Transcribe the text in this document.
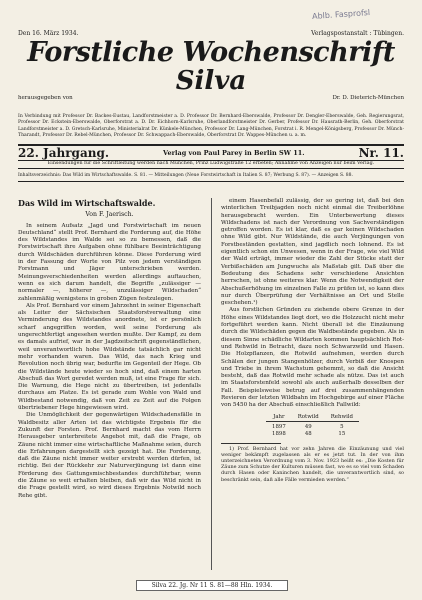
Ablb. Fasprofsl
Den 16. März 1934.	Verlagspostanstalt : Tübingen.
Forstliche Wochenschrift
Silva
herausgegeben von	Dr. D. Dieterich-München
In Verbindung mit Professor Dr. Backes-Eustau, Landforstmeister a. D. Professor Dr. Bernhard-Eberswalde, Professor Dr. Dengler-Eberswalde, Geh. Regierungsrat, Professor Dr. Eckstein-Eberswalde, Oberforstrat a. D. Dr. Eichhorn-Karlsruhe, Oberlandforstmeister Dr. Gerber, Professor Dr. Hausrath-Berlin, Geh. Oberforstrat Landforstmeister a. D. Gretsch-Karlsruhe, Ministerialrat Dr. Künkele-München, Professor Dr. Lang-München, Forstrat i. R. Mengel-Königsberg, Professor Dr. Münch-Tharandt, Professor Dr. Rebel-München, Professor Dr. Schwappach-Eberswalde, Oberforstrat Dr. Wappes-München u. a. m.
22. Jahrgang.	Verlag von Paul Parey in Berlin SW 11.	Nr. 11.
Einsendungen für die Schriftleitung werden nach München, Prinz Ludwigstraße 12 erbeten; Annahme von Anzeigen nur beim Verlag.
Inhaltsverzeichnis: Das Wild im Wirtschaftswalde. S. 81. — Mitteilungen (Neue Forstwirtschaft in Italien S. 87; Werbung S. 87). — Anzeigen S. 88.
Das Wild im Wirtschaftswalde.
Von F. Jaerisch.

In seinem Aufsatz „Jagd und Forstwirtschaft im neuen Deutschland“ stellt Prof. Bernhard die Forderung auf, die Höhe des Wildstandes im Walde sei so zu bemessen, daß die Forstwirtschaft ihre Aufgaben ohne fühlbare Beeinträchtigung durch Wildschäden durchführen könne. Diese Forderung wird in der Fassung der Worte von Pilz von jedem verständigen Forstmann und Jäger unterschrieben werden. Meinungsverschiedenheiten werden allerdings auftauchen, wenn es sich darum handelt, die Begriffe „zulässiger — normaler —, höherer —, unzulässiger Wildschaden“ zahlenmäßig wenigstens in groben Zügen festzulegen.

Als Prof. Bernhard vor einem Jahrzehnt in seiner Eigenschaft als Leiter der Sächsischen Staatsforstverwaltung eine Verminderung des Wildstandes anordnete, ist er persönlich scharf angegriffen worden, weil seine Forderung als ungerechtfertigt angesehen werden mußte. Der Kampf, zu dem es damals aufrief, war in der Jagdzeitschrift gegenständlichen, weil unverantwortlich hohe Wildstände tatsächlich gar nicht mehr vorhanden waren. Das Wild, das nach Krieg und Revolution noch übrig war, bedurfte im Gegenteil der Hege. Ob die Wildstände heute wieder so hoch sind, daß einem harten Abschuß das Wort geredet werden muß, ist eine Frage für sich. Die Warnung, die Hege nicht zu übertreiben, ist jedenfalls durchaus am Platze. Es ist gerade zum Wohle von Wald und Wildbestand notwendig, daß von Zeit zu Zeit auf die Folgen übertriebener Hege hingewiesen wird.

Die Unmöglichkeit der gegenwärtigen Wildschadensfälle in Waldbesitz aller Arten ist das wichtigste Ergebnis für die Zukunft der Forsten. Prof. Bernhard macht das vom Herrn Herausgeber unterbreitete Angebot mit, daß die Frage, ob Zäune nicht immer eine wirtschaftliche Maßnahme seien, durch die Erfahrungen dargestellt sich gezeigt hat. Die Forderung, daß die Zäune nicht immer weiter erstrebt werden dürfen, ist richtig. Bei der Rückkehr zur Naturverjüngung ist dann eine Förderung des Gattungsmischbestandes durchführbar, wenn die Zäune so weit erhalten bleiben, daß wir das Wild nicht in die Frage gestellt wird, so wird dieses Ergebnis Notwild noch Rehe gibt.

einem Hasenbefall zulässig, der so gering ist, daß bei den winterlichen Treibjagden noch nicht einmal die Treiberlöhne herausgebracht werden. Ein Unterbewertung dieses Wildschadens ist nach der Verordnung von Sachverständigen getroffen worden. Es ist klar, daß es gar keinen Wildschaden ohne Wild gibt. Nur Wildstände, die auch Verjüngungen von Forstbeständen gestatten, sind jagdlich noch lohnend. Es ist eigentlich schon ein Unwesen, wenn in der Frage, wie viel Wild der Wald erträgt, immer wieder die Zahl der Stücke statt der Verbißschäden am Jungwuchs als Maßstab gilt. Daß über die Bedeutung des Schadens sehr verschiedene Ansichten herrschen, ist ohne weiteres klar. Wenn die Notwendigkeit der Abschußerhöhung im einzelnen Falle zu prüfen ist, so kann dies nur durch Überprüfung der Verhältnisse an Ort und Stelle geschehen.¹)

Aus forstlichen Gründen zu ziehende obere Grenze in der Höhe eines Wildstandes liegt dort, wo die Holzzucht nicht mehr fortgeführt werden kann. Nicht überall ist die Einzäunung durch die Wildschäden gegen die Waldbestände gegeben. Als in diesem Sinne schädliche Wildarten kommen hauptsächlich Rot- und Rehwild in Betracht, dazu noch Schwarzwild und Hasen. Die Holzpflanzen, die Rotwild aufnehmen, werden durch Schälen der jungen Stangenhölzer, durch Verbiß der Knospen und Triebe in ihrem Wachstum gehemmt, so daß die Ansicht besteht, daß das Rotwild mehr schade als nütze. Das ist auch im Staatsforstenfeld sowohl als auch außerhalb desselben der Fall. Beispielsweise betrug auf drei zusammenhängenden Revieren der letzten Wildbahn im Hochgebirge auf einer Fläche von 5450 ha der Abschuß einschließlich Fallwild:

Jahr	Rotwild	Rehwild

1897	49	5
1898	48	15

1) Prof. Bernhard hat vor zehn Jahren die Einzäunung und viel weniger bekämpft zugelassen als er es jetzt tut. In der von ihm unterzeichneten Verordnung vom 3. Nov. 1923 heißt es: „Die Kosten für Zäune zum Schutze der Kulturen müssen fast, wo es so viel vom Schaden durch Hasen oder Kaninchen handelt, die unverantwortlich sind, so beschränkt sein, daß alle Fälle vermieden werden.“

Silva 22. Jg. Nr 11 S. 81—88 Hln. 1934.
